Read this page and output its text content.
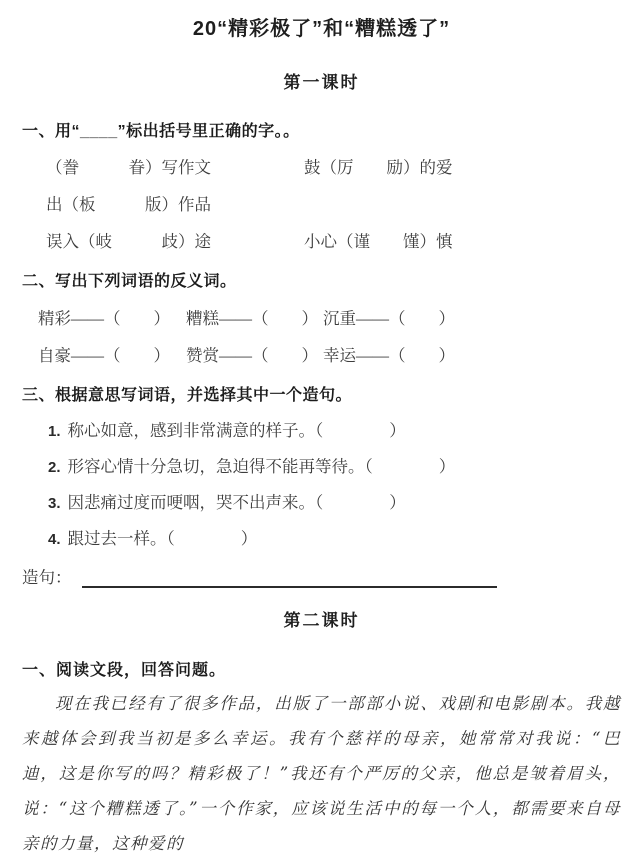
20“精彩极了”和“糟糕透了”
第一课时
一、用“____”标出括号里正确的字。。
（誊　　　眷）写作文	鼓（厉　　励）的爱
出（板　　　版）作品
误入（岐　　　歧）途	小心（谨　　馑）慎
二、写出下列词语的反义词。
精彩——（　　） 糟糕——（　　） 沉重——（　　）
自豪——（　　） 赞赏——（　　） 幸运——（　　）
三、根据意思写词语，并选择其中一个造句。
1. 称心如意，感到非常满意的样子。（　　　　）
2. 形容心情十分急切，急迫得不能再等待。（　　　　）
3. 因悲痛过度而哽咽，哭不出声来。（　　　　）
4. 跟过去一样。（　　　　）
造句：
第二课时
一、阅读文段，回答问题。

现在我已经有了很多作品，出版了一部部小说、戏剧和电影剧本。我越来越体会到我当初是多么幸运。我有个慈祥的母亲，她常常对我说：“巴迪，这是你写的吗？精彩极了！”我还有个严厉的父亲，他总是皱着眉头，说：“这个糟糕透了。”一个作家，应该说生活中的每一个人，都需要来自母亲的力量，这种爱的
